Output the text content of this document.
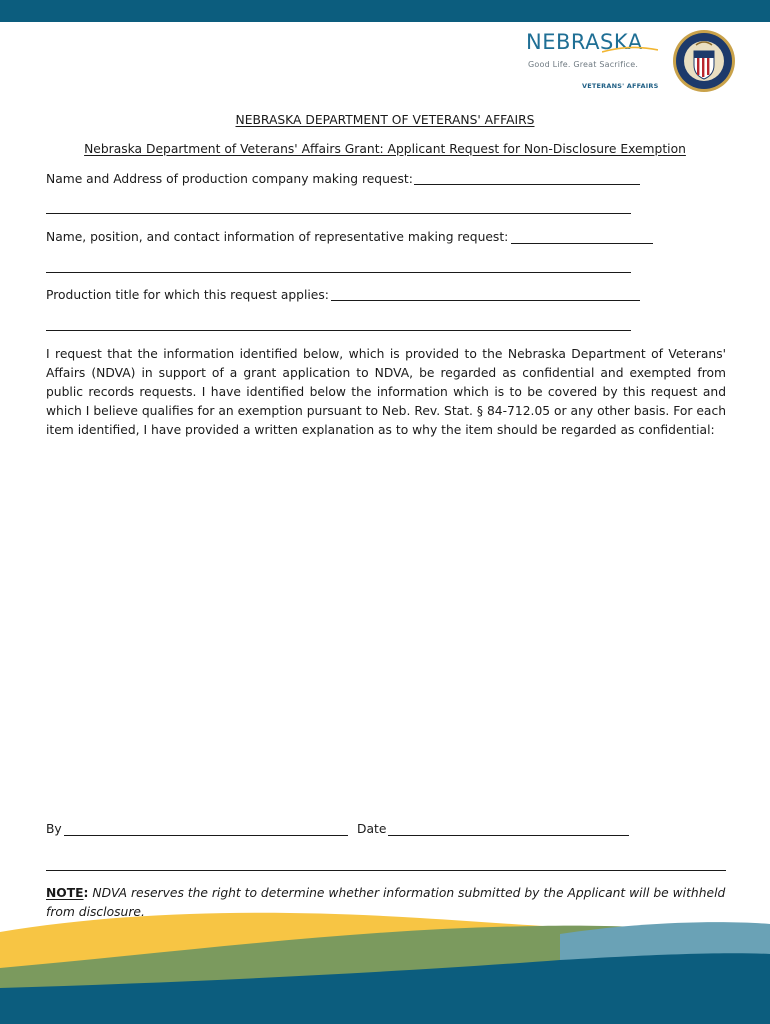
NEBRASKA
Good Life. Great Sacrifice.
VETERANS' AFFAIRS
NEBRASKA DEPARTMENT OF VETERANS' AFFAIRS
Nebraska Department of Veterans' Affairs Grant: Applicant Request for Non-Disclosure Exemption
Name and Address of production company making request:
Name, position, and contact information of representative making request:
Production title for which this request applies:

I request that the information identified below, which is provided to the Nebraska Department of Veterans' Affairs (NDVA) in support of a grant application to NDVA, be regarded as confidential and exempted from public records requests. I have identified below the information which is to be covered by this request and which I believe qualifies for an exemption pursuant to Neb. Rev. Stat. § 84-712.05 or any other basis. For each item identified, I have provided a written explanation as to why the item should be regarded as confidential:

By	Date

NOTE: NDVA reserves the right to determine whether information submitted by the Applicant will be withheld from disclosure.
